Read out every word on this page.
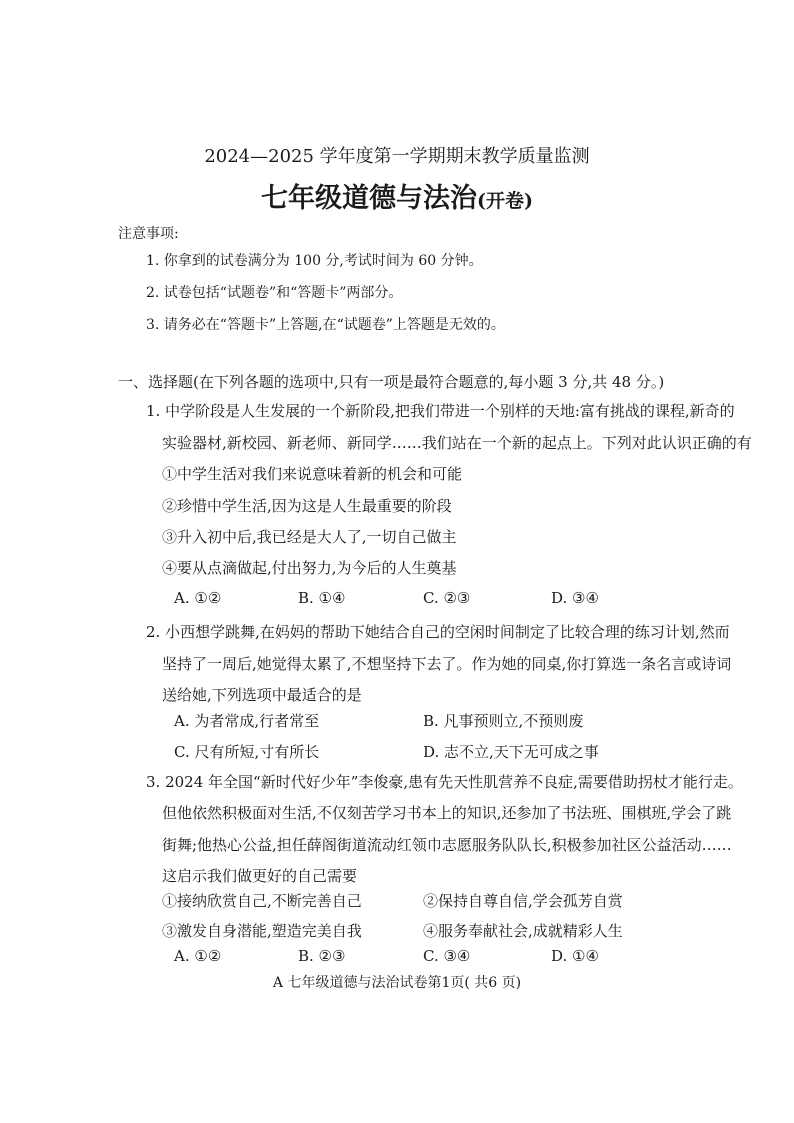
2024—2025 学年度第一学期期末教学质量监测
七年级道德与法治(开卷)
注意事项:
1. 你拿到的试卷满分为 100 分,考试时间为 60 分钟。
2. 试卷包括“试题卷”和“答题卡”两部分。
3. 请务必在“答题卡”上答题,在“试题卷”上答题是无效的。
一、选择题(在下列各题的选项中,只有一项是最符合题意的,每小题 3 分,共 48 分。)
1. 中学阶段是人生发展的一个新阶段,把我们带进一个别样的天地:富有挑战的课程,新奇的
实验器材,新校园、新老师、新同学……我们站在一个新的起点上。下列对此认识正确的有
①中学生活对我们来说意味着新的机会和可能
②珍惜中学生活,因为这是人生最重要的阶段
③升入初中后,我已经是大人了,一切自己做主
④要从点滴做起,付出努力,为今后的人生奠基
A. ①②	B. ①④	C. ②③	D. ③④
2. 小西想学跳舞,在妈妈的帮助下她结合自己的空闲时间制定了比较合理的练习计划,然而
坚持了一周后,她觉得太累了,不想坚持下去了。作为她的同桌,你打算选一条名言或诗词
送给她,下列选项中最适合的是
A. 为者常成,行者常至	B. 凡事预则立,不预则废
C. 尺有所短,寸有所长	D. 志不立,天下无可成之事
3. 2024 年全国“新时代好少年”李俊豪,患有先天性肌营养不良症,需要借助拐杖才能行走。
但他依然积极面对生活,不仅刻苦学习书本上的知识,还参加了书法班、围棋班,学会了跳
街舞;他热心公益,担任薛阁街道流动红领巾志愿服务队队长,积极参加社区公益活动……
这启示我们做更好的自己需要
①接纳欣赏自己,不断完善自己	②保持自尊自信,学会孤芳自赏
③激发自身潜能,塑造完美自我	④服务奉献社会,成就精彩人生
A. ①②	B. ②③	C. ③④	D. ①④
A 七年级道德与法治试卷第1页( 共6 页)
